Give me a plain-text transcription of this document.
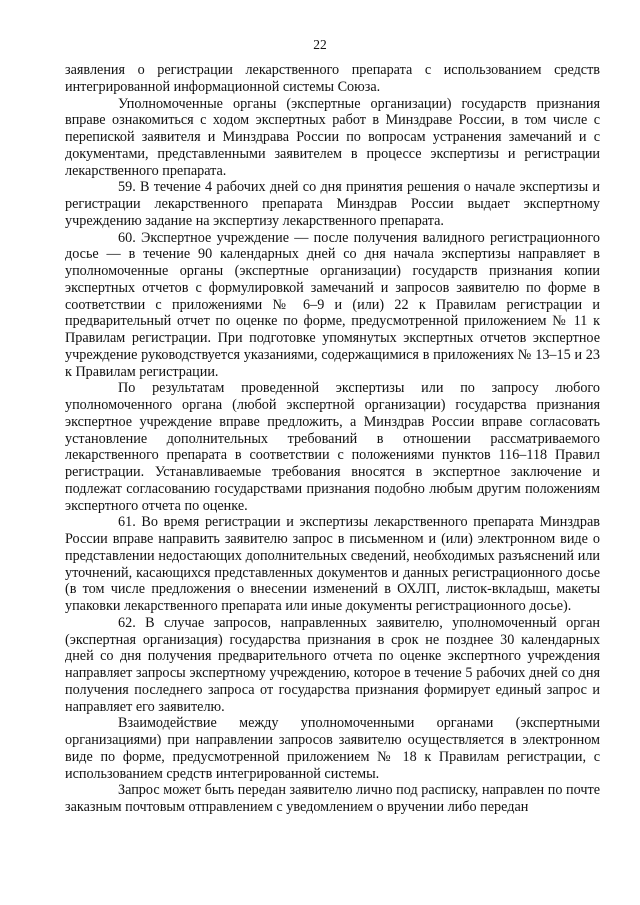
22

заявления о регистрации лекарственного препарата с использованием средств интегрированной информационной системы Союза.

Уполномоченные органы (экспертные организации) государств признания вправе ознакомиться с ходом экспертных работ в Минздраве России, в том числе с перепиской заявителя и Минздрава России по вопросам устранения замечаний и с документами, представленными заявителем в процессе экспертизы и регистрации лекарственного препарата.

59. В течение 4 рабочих дней со дня принятия решения о начале экспертизы и регистрации лекарственного препарата Минздрав России выдает экспертному учреждению задание на экспертизу лекарственного препарата.

60. Экспертное учреждение — после получения валидного регистрационного досье — в течение 90 календарных дней со дня начала экспертизы направляет в уполномоченные органы (экспертные организации) государств признания копии экспертных отчетов с формулировкой замечаний и запросов заявителю по форме в соответствии с приложениями № 6–9 и (или) 22 к Правилам регистрации и предварительный отчет по оценке по форме, предусмотренной приложением № 11 к Правилам регистрации. При подготовке упомянутых экспертных отчетов экспертное учреждение руководствуется указаниями, содержащимися в приложениях № 13–15 и 23 к Правилам регистрации.

По результатам проведенной экспертизы или по запросу любого уполномоченного органа (любой экспертной организации) государства признания экспертное учреждение вправе предложить, а Минздрав России вправе согласовать установление дополнительных требований в отношении рассматриваемого лекарственного препарата в соответствии с положениями пунктов 116–118 Правил регистрации. Устанавливаемые требования вносятся в экспертное заключение и подлежат согласованию государствами признания подобно любым другим положениям экспертного отчета по оценке.

61. Во время регистрации и экспертизы лекарственного препарата Минздрав России вправе направить заявителю запрос в письменном и (или) электронном виде о представлении недостающих дополнительных сведений, необходимых разъяснений или уточнений, касающихся представленных документов и данных регистрационного досье (в том числе предложения о внесении изменений в ОХЛП, листок-вкладыш, макеты упаковки лекарственного препарата или иные документы регистрационного досье).

62. В случае запросов, направленных заявителю, уполномоченный орган (экспертная организация) государства признания в срок не позднее 30 календарных дней со дня получения предварительного отчета по оценке экспертного учреждения направляет запросы экспертному учреждению, которое в течение 5 рабочих дней со дня получения последнего запроса от государства признания формирует единый запрос и направляет его заявителю.

Взаимодействие между уполномоченными органами (экспертными организациями) при направлении запросов заявителю осуществляется в электронном виде по форме, предусмотренной приложением № 18 к Правилам регистрации, с использованием средств интегрированной системы.

Запрос может быть передан заявителю лично под расписку, направлен по почте заказным почтовым отправлением с уведомлением о вручении либо передан
